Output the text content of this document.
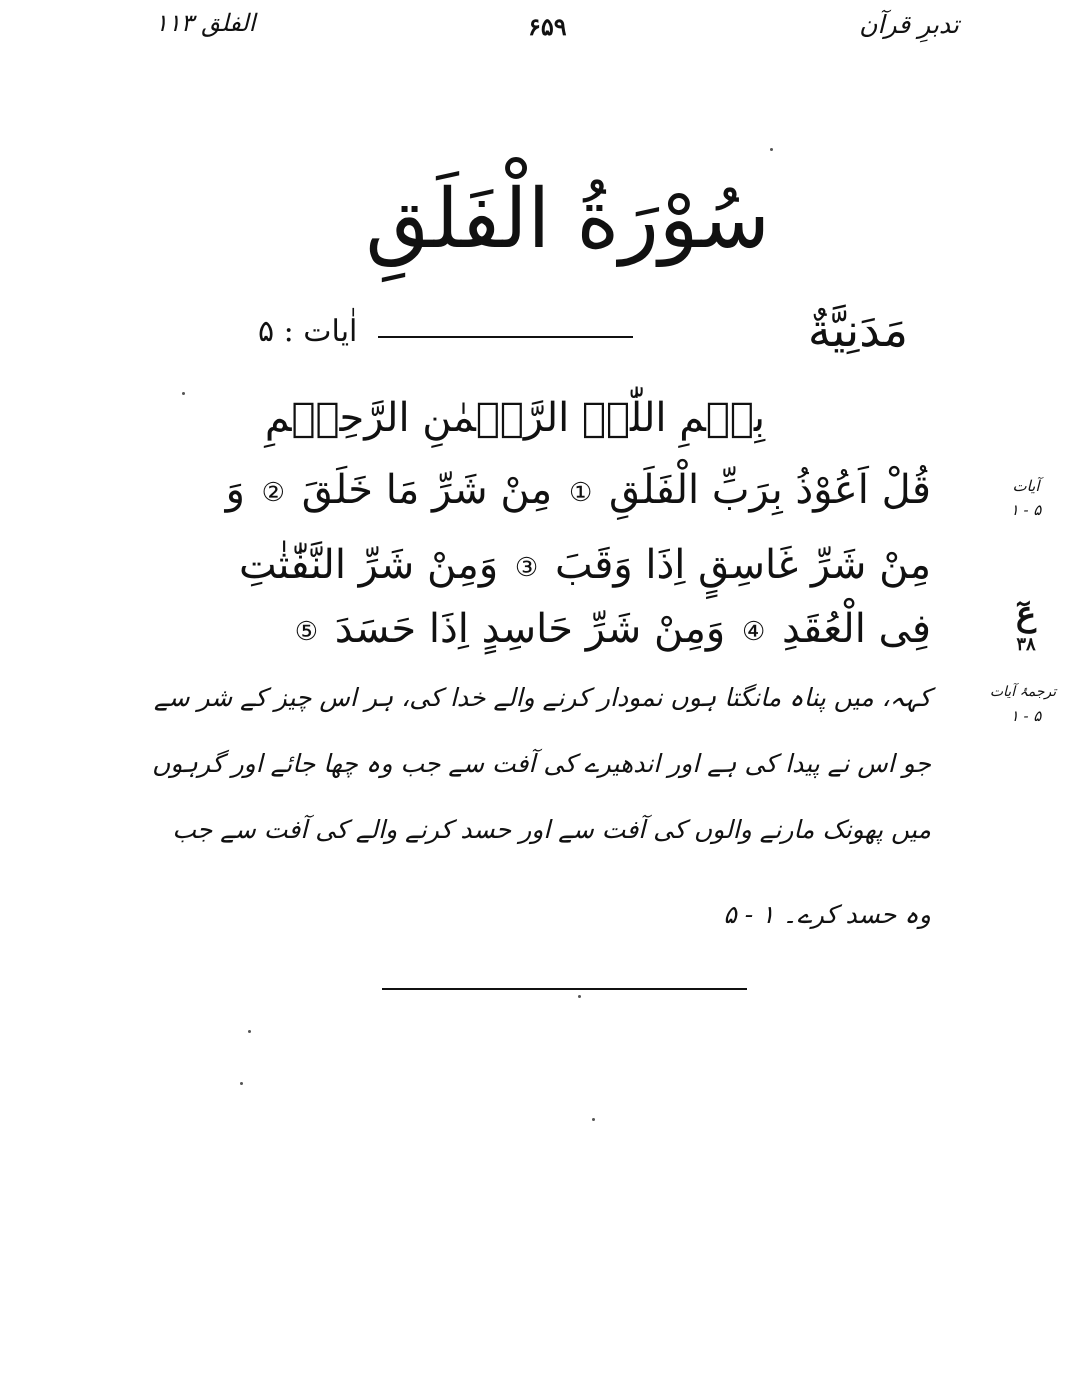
تدبرِ قرآن
۶۵۹
الفلق ۱۱۳
سُوْرَةُ الْفَلَقِ
مَدَنِيَّةٌ
اٰیات : ۵
بِسۡمِ اللّٰہِ الرَّحۡمٰنِ الرَّحِیۡمِ
قُلْ اَعُوْذُ بِرَبِّ الْفَلَقِ ① مِنْ شَرِّ مَا خَلَقَ ② وَ
مِنْ شَرِّ غَاسِقٍ اِذَا وَقَبَ ③ وَمِنْ شَرِّ النَّفّٰثٰتِ
فِی الْعُقَدِ ④ وَمِنْ شَرِّ حَاسِدٍ اِذَا حَسَدَ ⑤
کہہ، میں پناہ مانگتا ہوں نمودار کرنے والے خدا کی، ہر اس چیز کے شر سے
جو اس نے پیدا کی ہے اور اندھیرے کی آفت سے جب وہ چھا جائے اور گرہوں
میں پھونک مارنے والوں کی آفت سے اور حسد کرنے والے کی آفت سے جب
وہ حسد کرے۔ ۱ - ۵
آیات
۱ - ۵
عٓ
۳۸
ترجمۂ آیات
۱ - ۵
